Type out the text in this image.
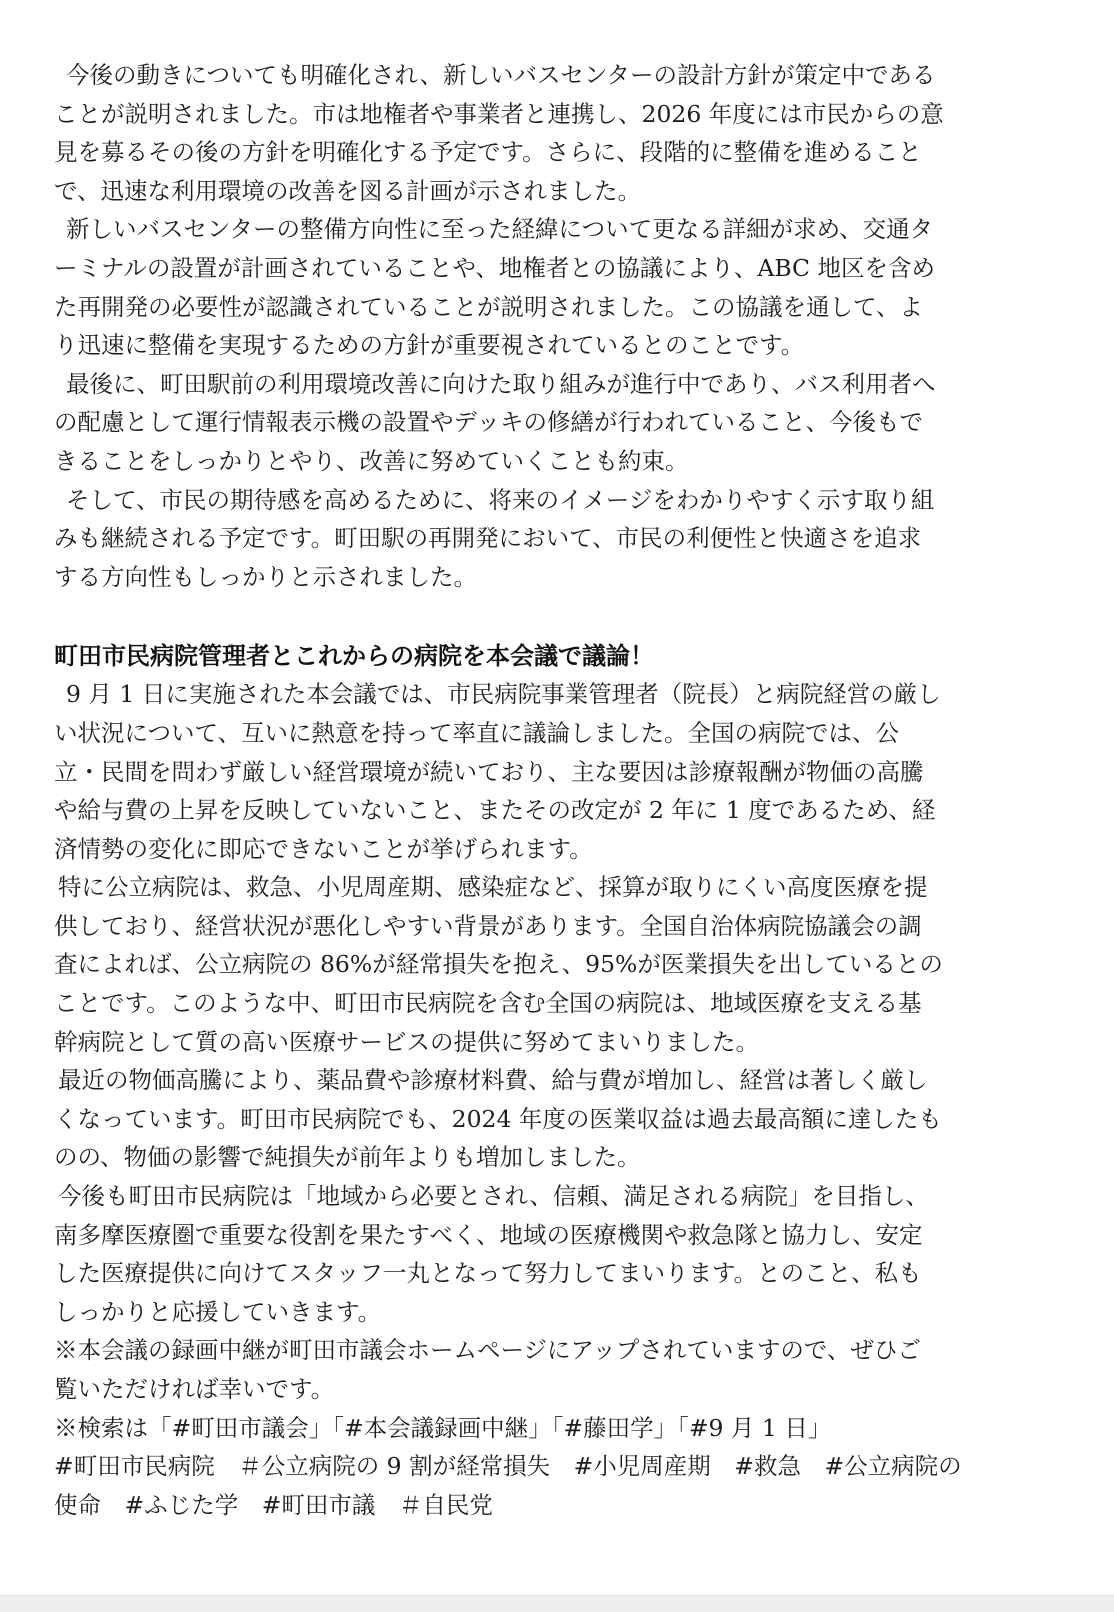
今後の動きについても明確化され、新しいバスセンターの設計方針が策定中である
ことが説明されました。市は地権者や事業者と連携し、2026 年度には市民からの意
見を募るその後の方針を明確化する予定です。さらに、段階的に整備を進めること
で、迅速な利用環境の改善を図る計画が示されました。

新しいバスセンターの整備方向性に至った経緯について更なる詳細が求め、交通タ
ーミナルの設置が計画されていることや、地権者との協議により、ABC 地区を含め
た再開発の必要性が認識されていることが説明されました。この協議を通して、よ
り迅速に整備を実現するための方針が重要視されているとのことです。

最後に、町田駅前の利用環境改善に向けた取り組みが進行中であり、バス利用者へ
の配慮として運行情報表示機の設置やデッキの修繕が行われていること、今後もで
きることをしっかりとやり、改善に努めていくことも約束。

そして、市民の期待感を高めるために、将来のイメージをわかりやすく示す取り組
みも継続される予定です。町田駅の再開発において、市民の利便性と快適さを追求
する方向性もしっかりと示されました。

町田市民病院管理者とこれからの病院を本会議で議論！

9 月 1 日に実施された本会議では、市民病院事業管理者（院長）と病院経営の厳し
い状況について、互いに熱意を持って率直に議論しました。全国の病院では、公
立・民間を問わず厳しい経営環境が続いており、主な要因は診療報酬が物価の高騰
や給与費の上昇を反映していないこと、またその改定が 2 年に 1 度であるため、経
済情勢の変化に即応できないことが挙げられます。

特に公立病院は、救急、小児周産期、感染症など、採算が取りにくい高度医療を提
供しており、経営状況が悪化しやすい背景があります。全国自治体病院協議会の調
査によれば、公立病院の 86%が経常損失を抱え、95%が医業損失を出しているとの
ことです。このような中、町田市民病院を含む全国の病院は、地域医療を支える基
幹病院として質の高い医療サービスの提供に努めてまいりました。

最近の物価高騰により、薬品費や診療材料費、給与費が増加し、経営は著しく厳し
くなっています。町田市民病院でも、2024 年度の医業収益は過去最高額に達したも
のの、物価の影響で純損失が前年よりも増加しました。

今後も町田市民病院は「地域から必要とされ、信頼、満足される病院」を目指し、
南多摩医療圏で重要な役割を果たすべく、地域の医療機関や救急隊と協力し、安定
した医療提供に向けてスタッフ一丸となって努力してまいります。とのこと、私も
しっかりと応援していきます。

※本会議の録画中継が町田市議会ホームページにアップされていますので、ぜひご
覧いただければ幸いです。

※検索は「#町田市議会」「#本会議録画中継」「#藤田学」「#9 月 1 日」
#町田市民病院　＃公立病院の 9 割が経常損失　#小児周産期　#救急　#公立病院の
使命　#ふじた学　#町田市議　＃自民党
